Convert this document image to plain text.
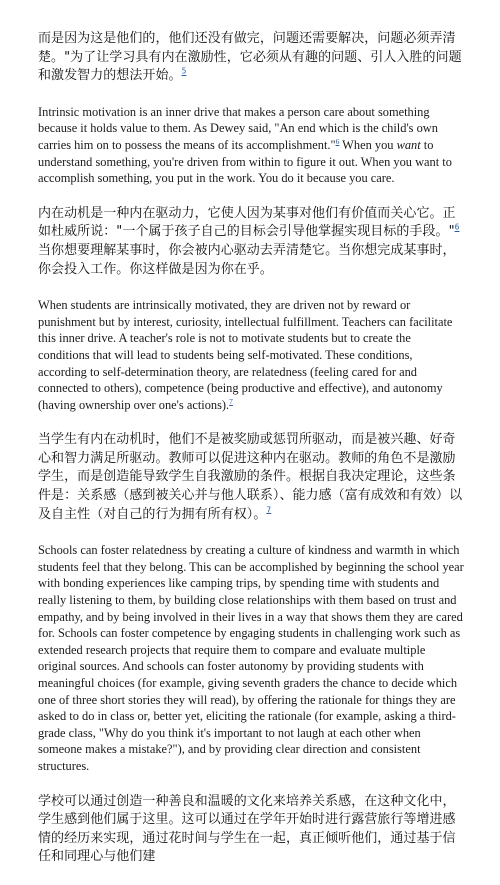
而是因为这是他们的，他们还没有做完，问题还需要解决，问题必须弄清楚。"为了让学习具有内在激励性，它必须从有趣的问题、引人入胜的问题和激发智力的想法开始。$^5$

Intrinsic motivation is an inner drive that makes a person care about something because it holds value to them. As Dewey said, "An end which is the child's own carries him on to possess the means of its accomplishment."$^6$ When you want to understand something, you're driven from within to figure it out. When you want to accomplish something, you put in the work. You do it because you care.

内在动机是一种内在驱动力，它使人因为某事对他们有价值而关心它。正如杜威所说："一个属于孩子自己的目标会引导他掌握实现目标的手段。"$^6$ 当你想要理解某事时，你会被内心驱动去弄清楚它。当你想完成某事时，你会投入工作。你这样做是因为你在乎。

When students are intrinsically motivated, they are driven not by reward or punishment but by interest, curiosity, intellectual fulfillment. Teachers can facilitate this inner drive. A teacher's role is not to motivate students but to create the conditions that will lead to students being self-motivated. These conditions, according to self-determination theory, are relatedness (feeling cared for and connected to others), competence (being productive and effective), and autonomy (having ownership over one's actions).$^7$

当学生有内在动机时，他们不是被奖励或惩罚所驱动，而是被兴趣、好奇心和智力满足所驱动。教师可以促进这种内在驱动。教师的角色不是激励学生，而是创造能导致学生自我激励的条件。根据自我决定理论，这些条件是：关系感（感到被关心并与他人联系）、能力感（富有成效和有效）以及自主性（对自己的行为拥有所有权）。$^7$

Schools can foster relatedness by creating a culture of kindness and warmth in which students feel that they belong. This can be accomplished by beginning the school year with bonding experiences like camping trips, by spending time with students and really listening to them, by building close relationships with them based on trust and empathy, and by being involved in their lives in a way that shows them they are cared for. Schools can foster competence by engaging students in challenging work such as extended research projects that require them to compare and evaluate multiple original sources. And schools can foster autonomy by providing students with meaningful choices (for example, giving seventh graders the chance to decide which one of three short stories they will read), by offering the rationale for things they are asked to do in class or, better yet, eliciting the rationale (for example, asking a third-grade class, "Why do you think it's important to not laugh at each other when someone makes a mistake?"), and by providing clear direction and consistent structures.

学校可以通过创造一种善良和温暖的文化来培养关系感，在这种文化中，学生感到他们属于这里。这可以通过在学年开始时进行露营旅行等增进感情的经历来实现，通过花时间与学生在一起，真正倾听他们，通过基于信任和同理心与他们建
